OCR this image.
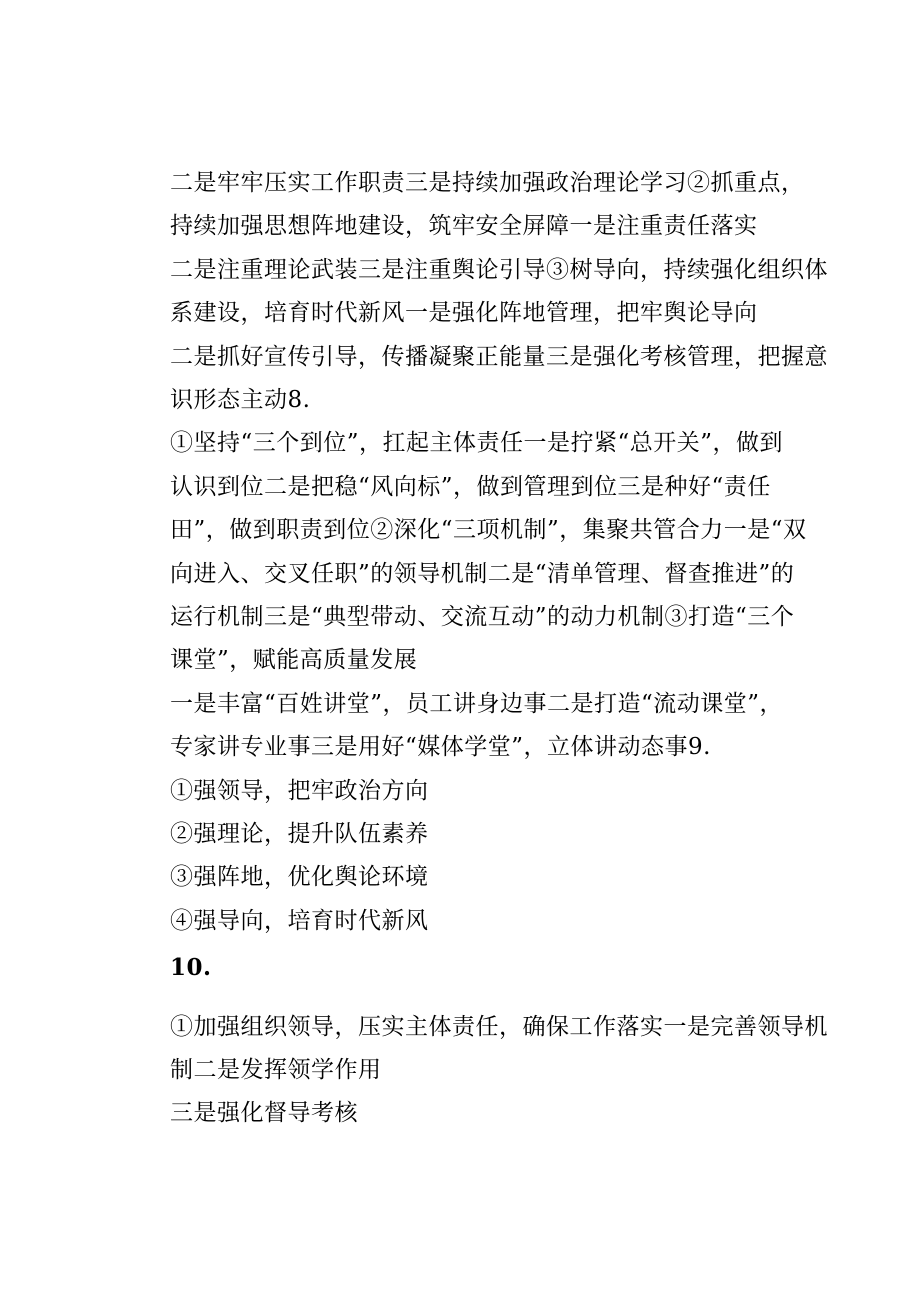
二是牢牢压实工作职责三是持续加强政治理论学习②抓重点，
持续加强思想阵地建设，筑牢安全屏障一是注重责任落实
二是注重理论武装三是注重舆论引导③树导向，持续强化组织体
系建设，培育时代新风一是强化阵地管理，把牢舆论导向
二是抓好宣传引导，传播凝聚正能量三是强化考核管理，把握意
识形态主动8.
①坚持“三个到位”，扛起主体责任一是拧紧“总开关”，做到
认识到位二是把稳“风向标”，做到管理到位三是种好“责任
田”，做到职责到位②深化“三项机制”，集聚共管合力一是“双
向进入、交叉任职”的领导机制二是“清单管理、督查推进”的
运行机制三是“典型带动、交流互动”的动力机制③打造“三个
课堂”，赋能高质量发展
一是丰富“百姓讲堂”，员工讲身边事二是打造“流动课堂”，
专家讲专业事三是用好“媒体学堂”，立体讲动态事9.
①强领导，把牢政治方向
②强理论，提升队伍素养
③强阵地，优化舆论环境
④强导向，培育时代新风
10.
①加强组织领导，压实主体责任，确保工作落实一是完善领导机
制二是发挥领学作用
三是强化督导考核
